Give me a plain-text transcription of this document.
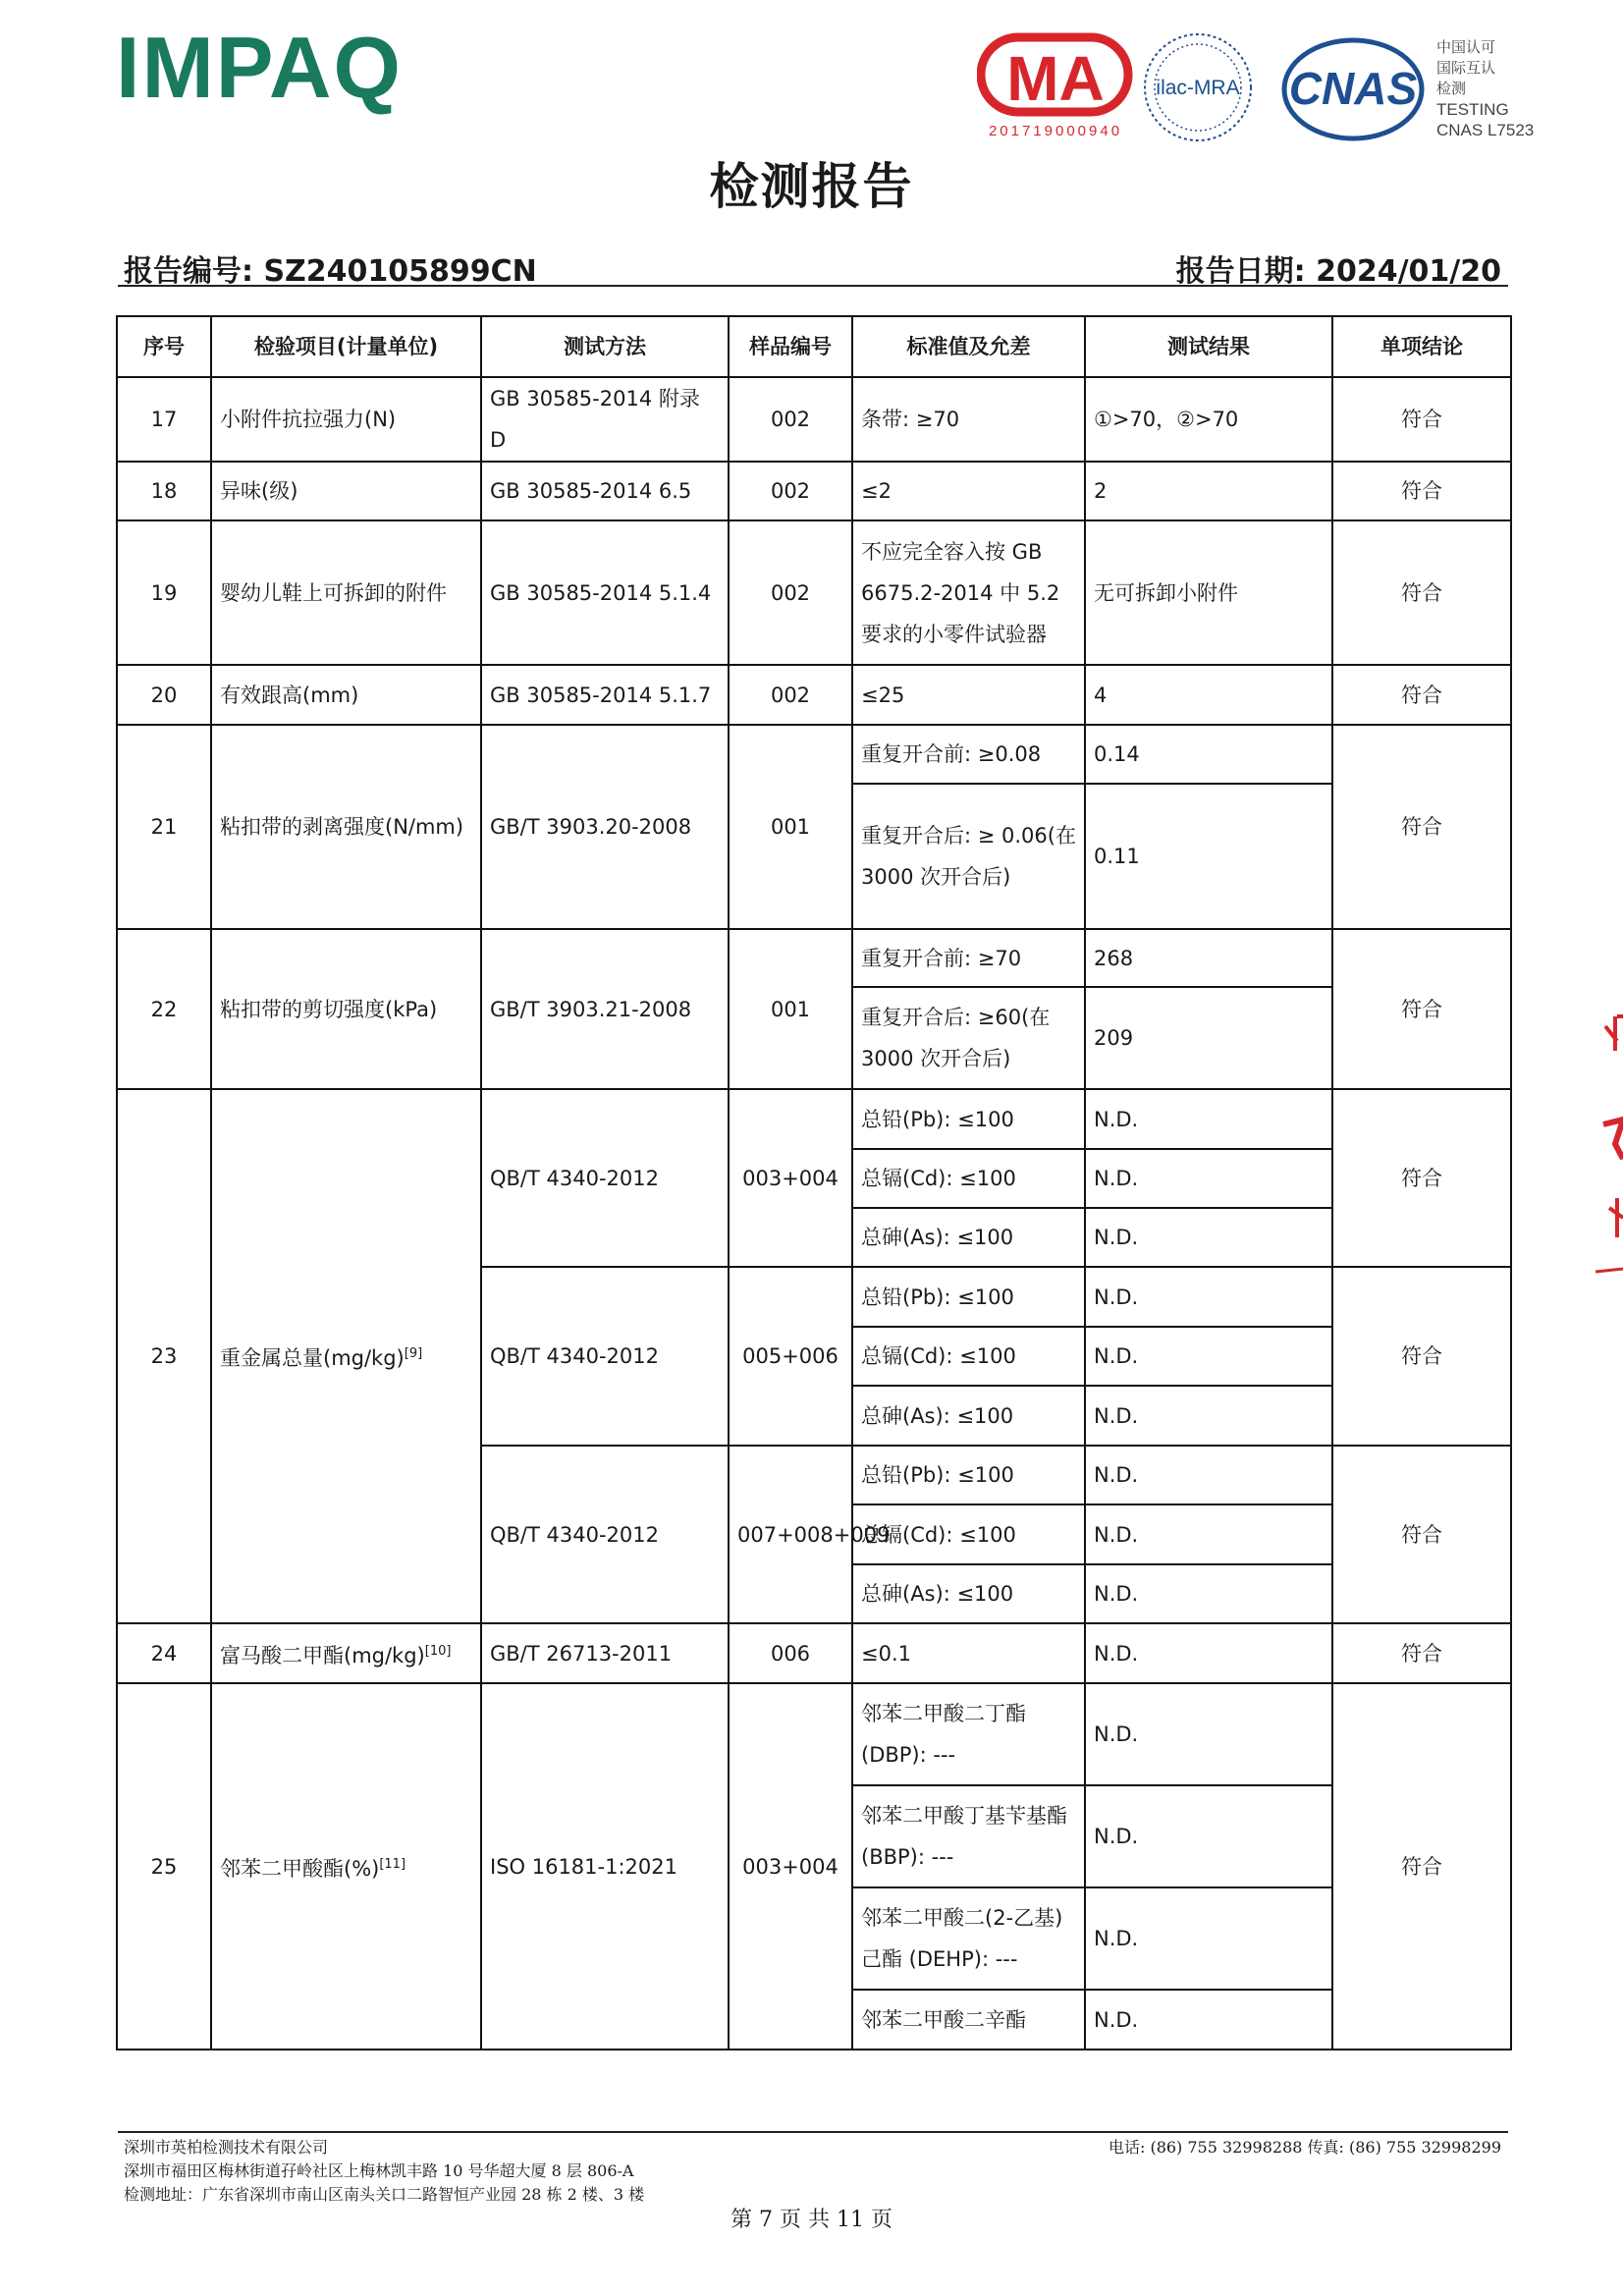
IMPAQ	MA
201719000940
ilac-MRA CNAS
中国认可
国际互认
检测
TESTING
CNAS L7523
检测报告
报告编号: SZ240105899CN	报告日期: 2024/01/20
序号	检验项目(计量单位)	测试方法	样品编号	标准值及允差	测试结果	单项结论
17	小附件抗拉强力(N)	GB 30585-2014 附录 D	002	条带: ≥70	①>70，②>70	符合
18	异味(级)	GB 30585-2014 6.5	002	≤2	2	符合
19	婴幼儿鞋上可拆卸的附件	GB 30585-2014 5.1.4	002	不应完全容入按 GB 6675.2-2014 中 5.2 要求的小零件试验器	无可拆卸小附件	符合
20	有效跟高(mm)	GB 30585-2014 5.1.7	002	≤25	4	符合
21	粘扣带的剥离强度(N/mm)	GB/T 3903.20-2008	001	重复开合前: ≥0.08	0.14	符合
				重复开合后: ≥ 0.06(在 3000 次开合后)	0.11	
22	粘扣带的剪切强度(kPa)	GB/T 3903.21-2008	001	重复开合前: ≥70	268	符合
				重复开合后: ≥60(在 3000 次开合后)	209	
23	重金属总量(mg/kg)[9]	QB/T 4340-2012	003+004	总铅(Pb): ≤100	N.D.	符合
				总镉(Cd): ≤100	N.D.	
				总砷(As): ≤100	N.D.	
		QB/T 4340-2012	005+006	总铅(Pb): ≤100	N.D.	符合
				总镉(Cd): ≤100	N.D.	
				总砷(As): ≤100	N.D.	
		QB/T 4340-2012	007+008+009	总铅(Pb): ≤100	N.D.	符合
				总镉(Cd): ≤100	N.D.	
				总砷(As): ≤100	N.D.	
24	富马酸二甲酯(mg/kg)[10]	GB/T 26713-2011	006	≤0.1	N.D.	符合
25	邻苯二甲酸酯(%)[11]	ISO 16181-1:2021	003+004	邻苯二甲酸二丁酯 (DBP): ---	N.D.	符合
				邻苯二甲酸丁基苄基酯 (BBP): ---	N.D.	
				邻苯二甲酸二(2-乙基)己酯 (DEHP): ---	N.D.	
				邻苯二甲酸二辛酯	N.D.	
深圳市英柏检测技术有限公司
深圳市福田区梅林街道孖岭社区上梅林凯丰路 10 号华超大厦 8 层 806-A
检测地址：广东省深圳市南山区南头关口二路智恒产业园 28 栋 2 楼、3 楼
电话: (86) 755 32998288 传真: (86) 755 32998299
第 7 页 共 11 页
